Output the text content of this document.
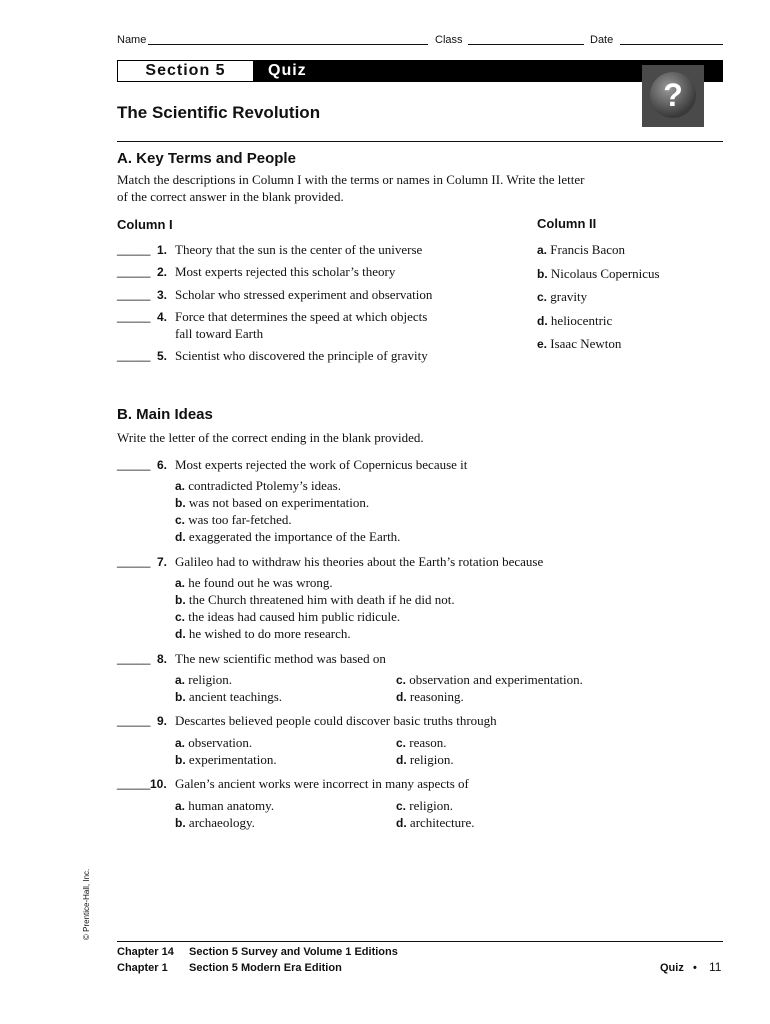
Name	Class	Date
Section 5	Quiz
?
The Scientific Revolution
A. Key Terms and People
Match the descriptions in Column I with the terms or names in Column II. Write the letter of the correct answer in the blank provided.
Column I	Column II
_____ 1. Theory that the sun is the center of the universe
_____ 2. Most experts rejected this scholar’s theory
_____ 3. Scholar who stressed experiment and observation
_____ 4. Force that determines the speed at which objects
fall toward Earth
_____ 5. Scientist who discovered the principle of gravity
a. Francis Bacon
b. Nicolaus Copernicus
c. gravity
d. heliocentric
e. Isaac Newton
B. Main Ideas
Write the letter of the correct ending in the blank provided.
_____ 6. Most experts rejected the work of Copernicus because it
a. contradicted Ptolemy’s ideas.
b. was not based on experimentation.
c. was too far-fetched.
d. exaggerated the importance of the Earth.
_____ 7. Galileo had to withdraw his theories about the Earth’s rotation because
a. he found out he was wrong.
b. the Church threatened him with death if he did not.
c. the ideas had caused him public ridicule.
d. he wished to do more research.
_____ 8. The new scientific method was based on
a. religion.
b. ancient teachings.
c. observation and experimentation.
d. reasoning.
_____ 9. Descartes believed people could discover basic truths through
a. observation.
b. experimentation.
c. reason.
d. religion.
_____ 10. Galen’s ancient works were incorrect in many aspects of
a. human anatomy.
b. archaeology.
c. religion.
d. architecture.
© Prentice-Hall, Inc.
Chapter 14 Section 5 Survey and Volume 1 Editions
Chapter 1 Section 5 Modern Era Edition	Quiz • 11
